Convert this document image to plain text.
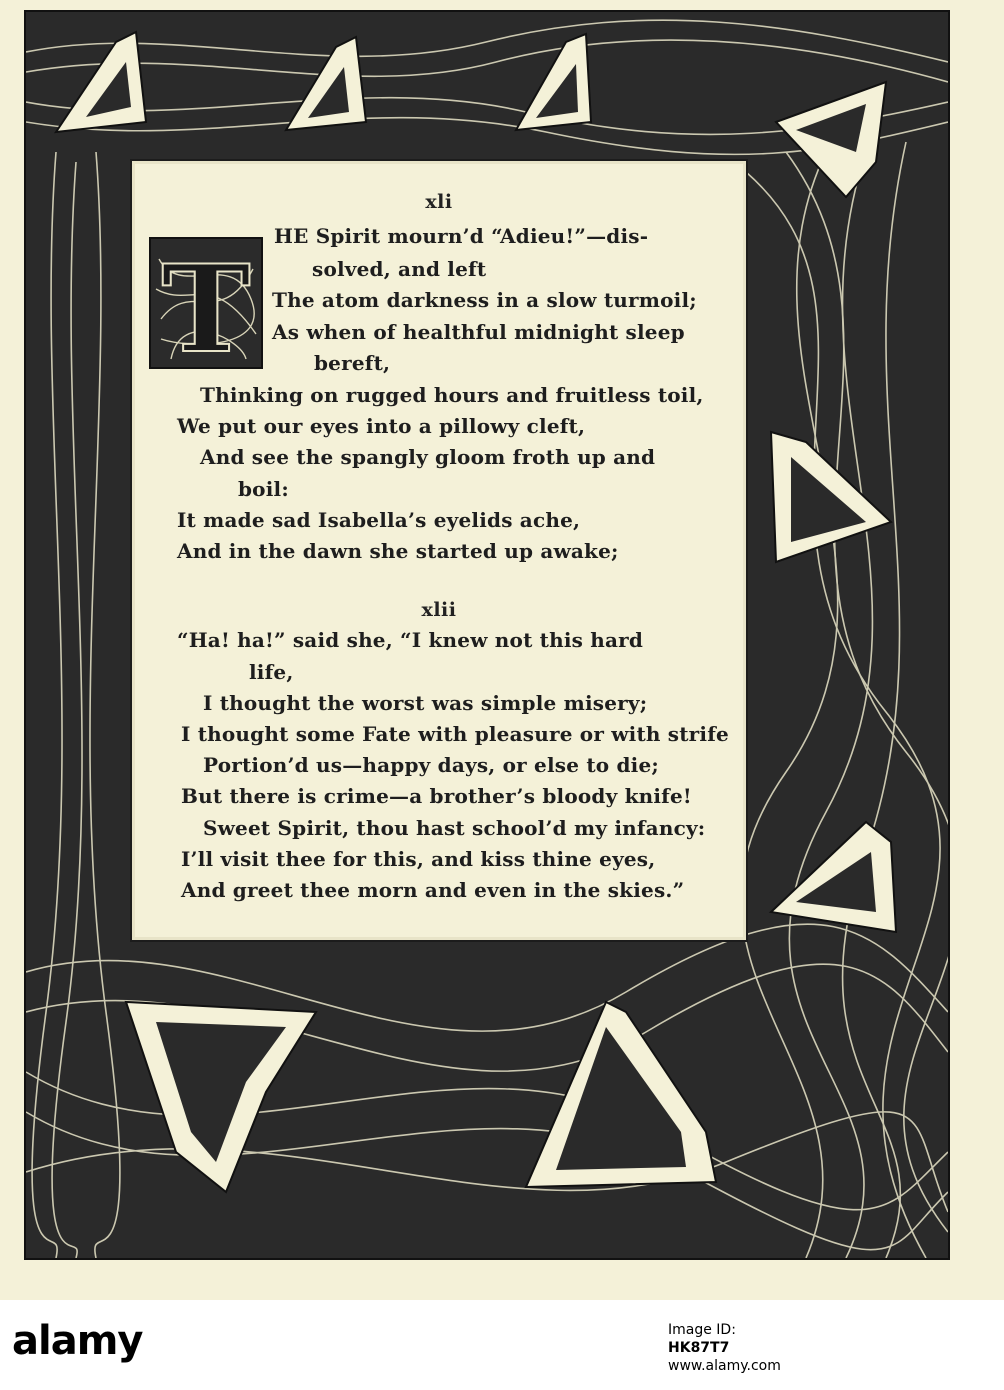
xli
T
HE Spirit mourn’d “Adieu!”—dis-
solved, and left
The atom darkness in a slow turmoil;
As when of healthful midnight sleep
bereft,
Thinking on rugged hours and fruitless toil,
We put our eyes into a pillowy cleft,
And see the spangly gloom froth up and
boil:
It made sad Isabella’s eyelids ache,
And in the dawn she started up awake;
xlii
“Ha! ha!” said she, “I knew not this hard
life,
I thought the worst was simple misery;
I thought some Fate with pleasure or with strife
Portion’d us—happy days, or else to die;
But there is crime—a brother’s bloody knife!
Sweet Spirit, thou hast school’d my infancy:
I’ll visit thee for this, and kiss thine eyes,
And greet thee morn and even in the skies.”
alamy	Image ID:
HK87T7
www.alamy.com
